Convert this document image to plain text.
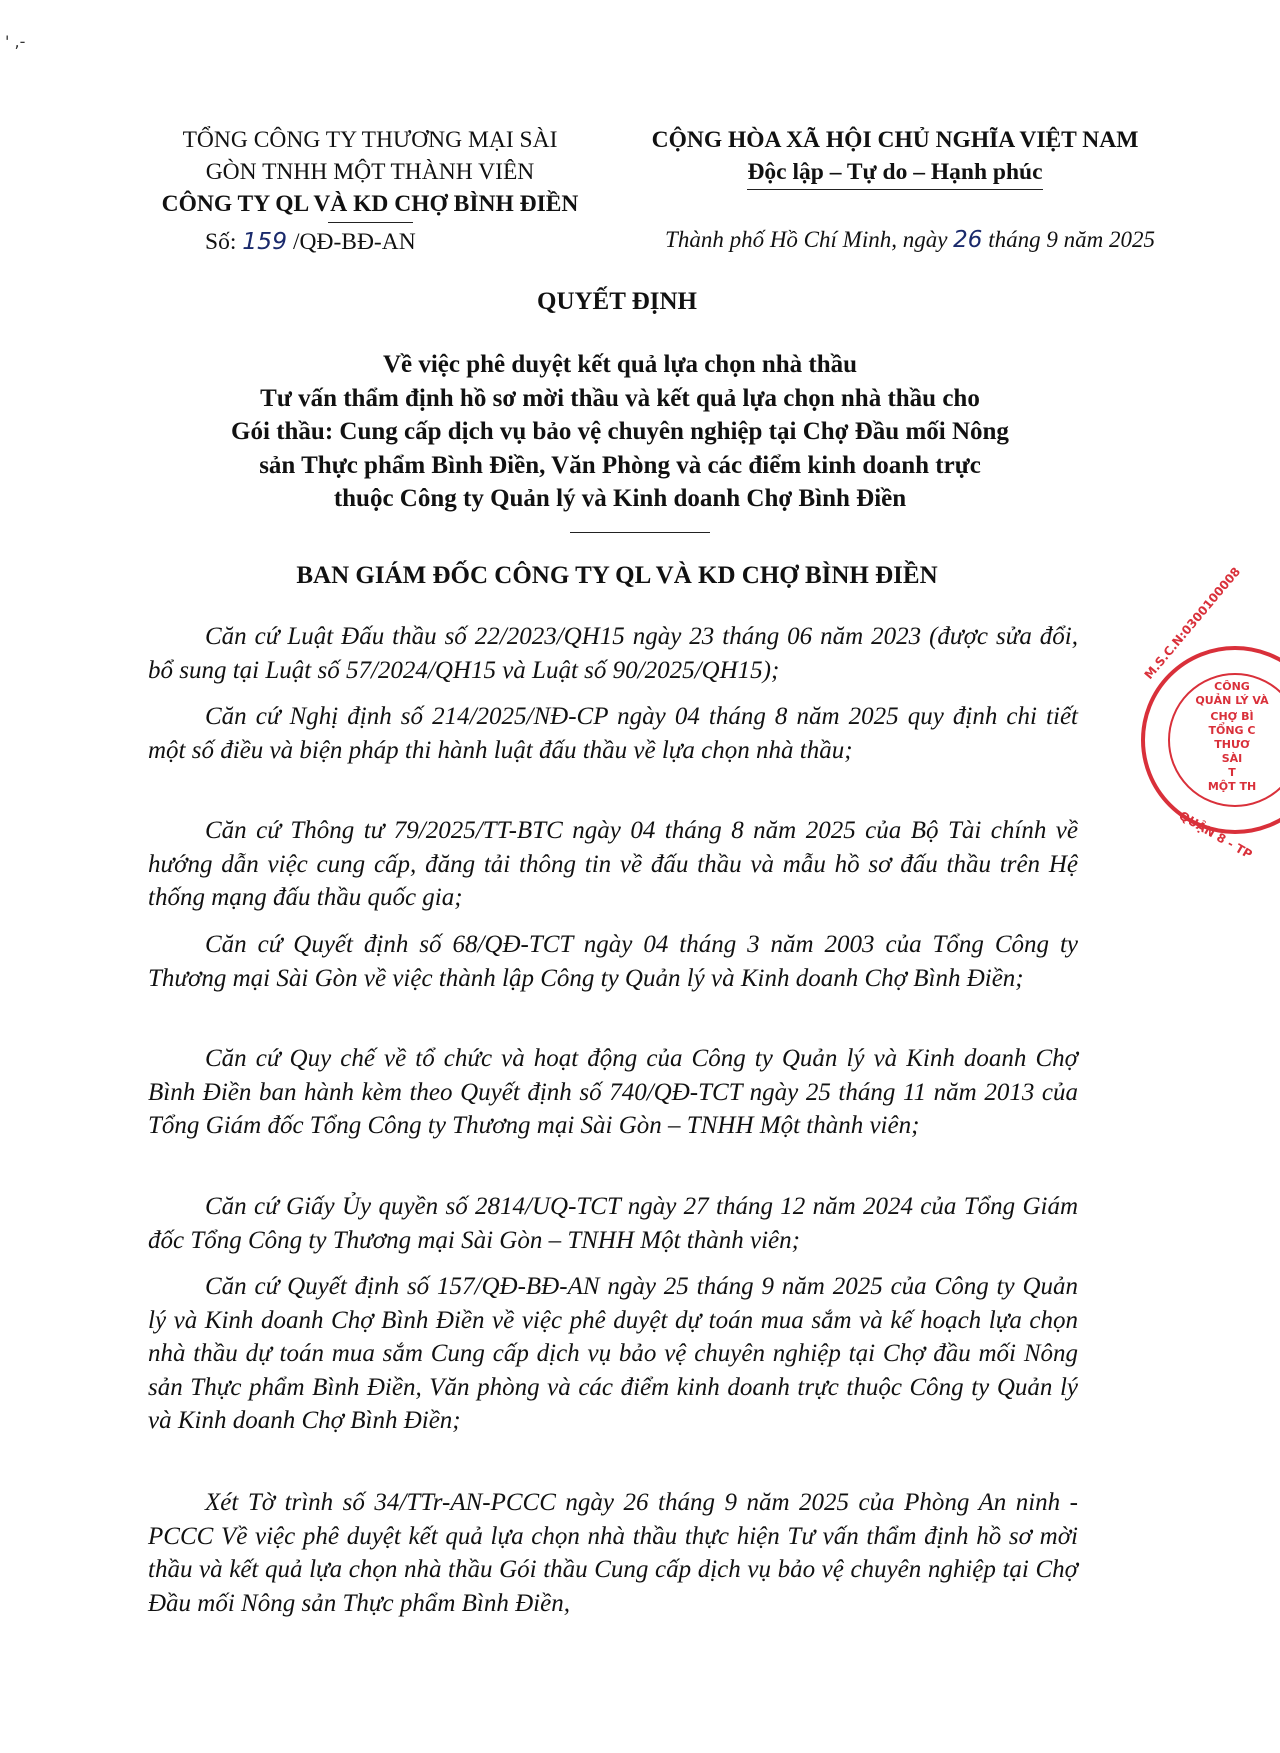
' ,-
TỔNG CÔNG TY THƯƠNG MẠI SÀI
GÒN TNHH MỘT THÀNH VIÊN
CÔNG TY QL VÀ KD CHỢ BÌNH ĐIỀN
Số: 159 /QĐ-BĐ-AN
CỘNG HÒA XÃ HỘI CHỦ NGHĨA VIỆT NAM
Độc lập – Tự do – Hạnh phúc
Thành phố Hồ Chí Minh, ngày 26 tháng 9 năm 2025
QUYẾT ĐỊNH
Về việc phê duyệt kết quả lựa chọn nhà thầu
Tư vấn thẩm định hồ sơ mời thầu và kết quả lựa chọn nhà thầu cho
Gói thầu: Cung cấp dịch vụ bảo vệ chuyên nghiệp tại Chợ Đầu mối Nông
sản Thực phẩm Bình Điền, Văn Phòng và các điểm kinh doanh trực
thuộc Công ty Quản lý và Kinh doanh Chợ Bình Điền
BAN GIÁM ĐỐC CÔNG TY QL VÀ KD CHỢ BÌNH ĐIỀN

Căn cứ Luật Đấu thầu số 22/2023/QH15 ngày 23 tháng 06 năm 2023 (được sửa đổi, bổ sung tại Luật số 57/2024/QH15 và Luật số 90/2025/QH15);

Căn cứ Nghị định số 214/2025/NĐ-CP ngày 04 tháng 8 năm 2025 quy định chi tiết một số điều và biện pháp thi hành luật đấu thầu về lựa chọn nhà thầu;

Căn cứ Thông tư 79/2025/TT-BTC ngày 04 tháng 8 năm 2025 của Bộ Tài chính về hướng dẫn việc cung cấp, đăng tải thông tin về đấu thầu và mẫu hồ sơ đấu thầu trên Hệ thống mạng đấu thầu quốc gia;

Căn cứ Quyết định số 68/QĐ-TCT ngày 04 tháng 3 năm 2003 của Tổng Công ty Thương mại Sài Gòn về việc thành lập Công ty Quản lý và Kinh doanh Chợ Bình Điền;

Căn cứ Quy chế về tổ chức và hoạt động của Công ty Quản lý và Kinh doanh Chợ Bình Điền ban hành kèm theo Quyết định số 740/QĐ-TCT ngày 25 tháng 11 năm 2013 của Tổng Giám đốc Tổng Công ty Thương mại Sài Gòn – TNHH Một thành viên;

Căn cứ Giấy Ủy quyền số 2814/UQ-TCT ngày 27 tháng 12 năm 2024 của Tổng Giám đốc Tổng Công ty Thương mại Sài Gòn – TNHH Một thành viên;

Căn cứ Quyết định số 157/QĐ-BĐ-AN ngày 25 tháng 9 năm 2025 của Công ty Quản lý và Kinh doanh Chợ Bình Điền về việc phê duyệt dự toán mua sắm và kế hoạch lựa chọn nhà thầu dự toán mua sắm Cung cấp dịch vụ bảo vệ chuyên nghiệp tại Chợ đầu mối Nông sản Thực phẩm Bình Điền, Văn phòng và các điểm kinh doanh trực thuộc Công ty Quản lý và Kinh doanh Chợ Bình Điền;

Xét Tờ trình số 34/TTr-AN-PCCC ngày 26 tháng 9 năm 2025 của Phòng An ninh - PCCC Về việc phê duyệt kết quả lựa chọn nhà thầu thực hiện Tư vấn thẩm định hồ sơ mời thầu và kết quả lựa chọn nhà thầu Gói thầu Cung cấp dịch vụ bảo vệ chuyên nghiệp tại Chợ Đầu mối Nông sản Thực phẩm Bình Điền,

CÔNG
QUẢN LÝ VÀ
CHỢ BÌ
TỔNG C
THƯƠ
SÀI
T
MỘT TH
M.S.C.N:0300100008
QUẬN 8 - TP
